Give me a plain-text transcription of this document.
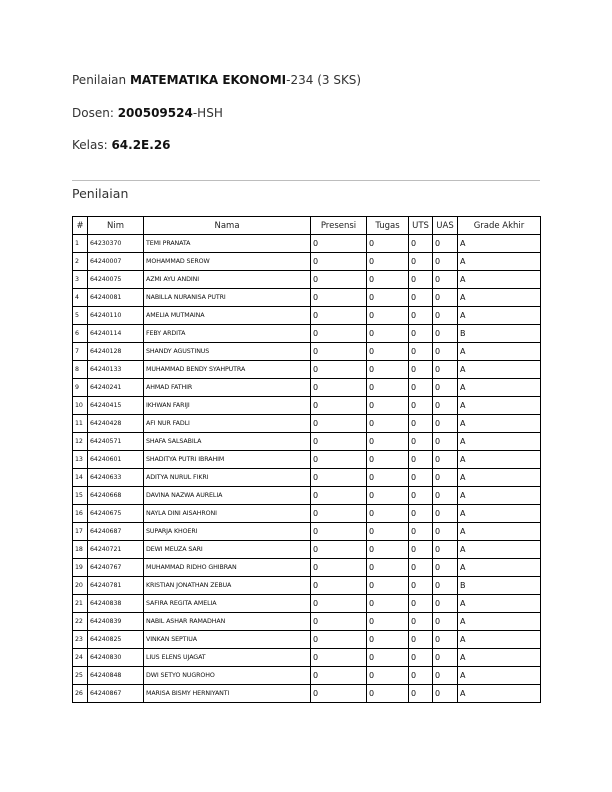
Penilaian MATEMATIKA EKONOMI-234 (3 SKS)
Dosen: 200509524-HSH
Kelas: 64.2E.26
Penilaian
#	Nim	Nama	Presensi	Tugas	UTS	UAS	Grade Akhir
1	64230370	TEMI PRANATA	0	0	0	0	A
2	64240007	MOHAMMAD SEROW	0	0	0	0	A
3	64240075	AZMI AYU ANDINI	0	0	0	0	A
4	64240081	NABILLA NURANISA PUTRI	0	0	0	0	A
5	64240110	AMELIA MUTMAINA	0	0	0	0	A
6	64240114	FEBY ARDITA	0	0	0	0	B
7	64240128	SHANDY AGUSTINUS	0	0	0	0	A
8	64240133	MUHAMMAD BENDY SYAHPUTRA	0	0	0	0	A
9	64240241	AHMAD FATHIR	0	0	0	0	A
10	64240415	IKHWAN FARIJI	0	0	0	0	A
11	64240428	AFI NUR FADLI	0	0	0	0	A
12	64240571	SHAFA SALSABILA	0	0	0	0	A
13	64240601	SHADITYA PUTRI IBRAHIM	0	0	0	0	A
14	64240633	ADITYA NURUL FIKRI	0	0	0	0	A
15	64240668	DAVINA NAZWA AURELIA	0	0	0	0	A
16	64240675	NAYLA DINI AISAHRONI	0	0	0	0	A
17	64240687	SUPARJA KHOERI	0	0	0	0	A
18	64240721	DEWI MEUZA SARI	0	0	0	0	A
19	64240767	MUHAMMAD RIDHO GHIBRAN	0	0	0	0	A
20	64240781	KRISTIAN JONATHAN ZEBUA	0	0	0	0	B
21	64240838	SAFIRA REGITA AMELIA	0	0	0	0	A
22	64240839	NABIL ASHAR RAMADHAN	0	0	0	0	A
23	64240825	VINKAN SEPTIUA	0	0	0	0	A
24	64240830	LIUS ELENS UJAGAT	0	0	0	0	A
25	64240848	DWI SETYO NUGROHO	0	0	0	0	A
26	64240867	MARISA BISMY HERNIYANTI	0	0	0	0	A
